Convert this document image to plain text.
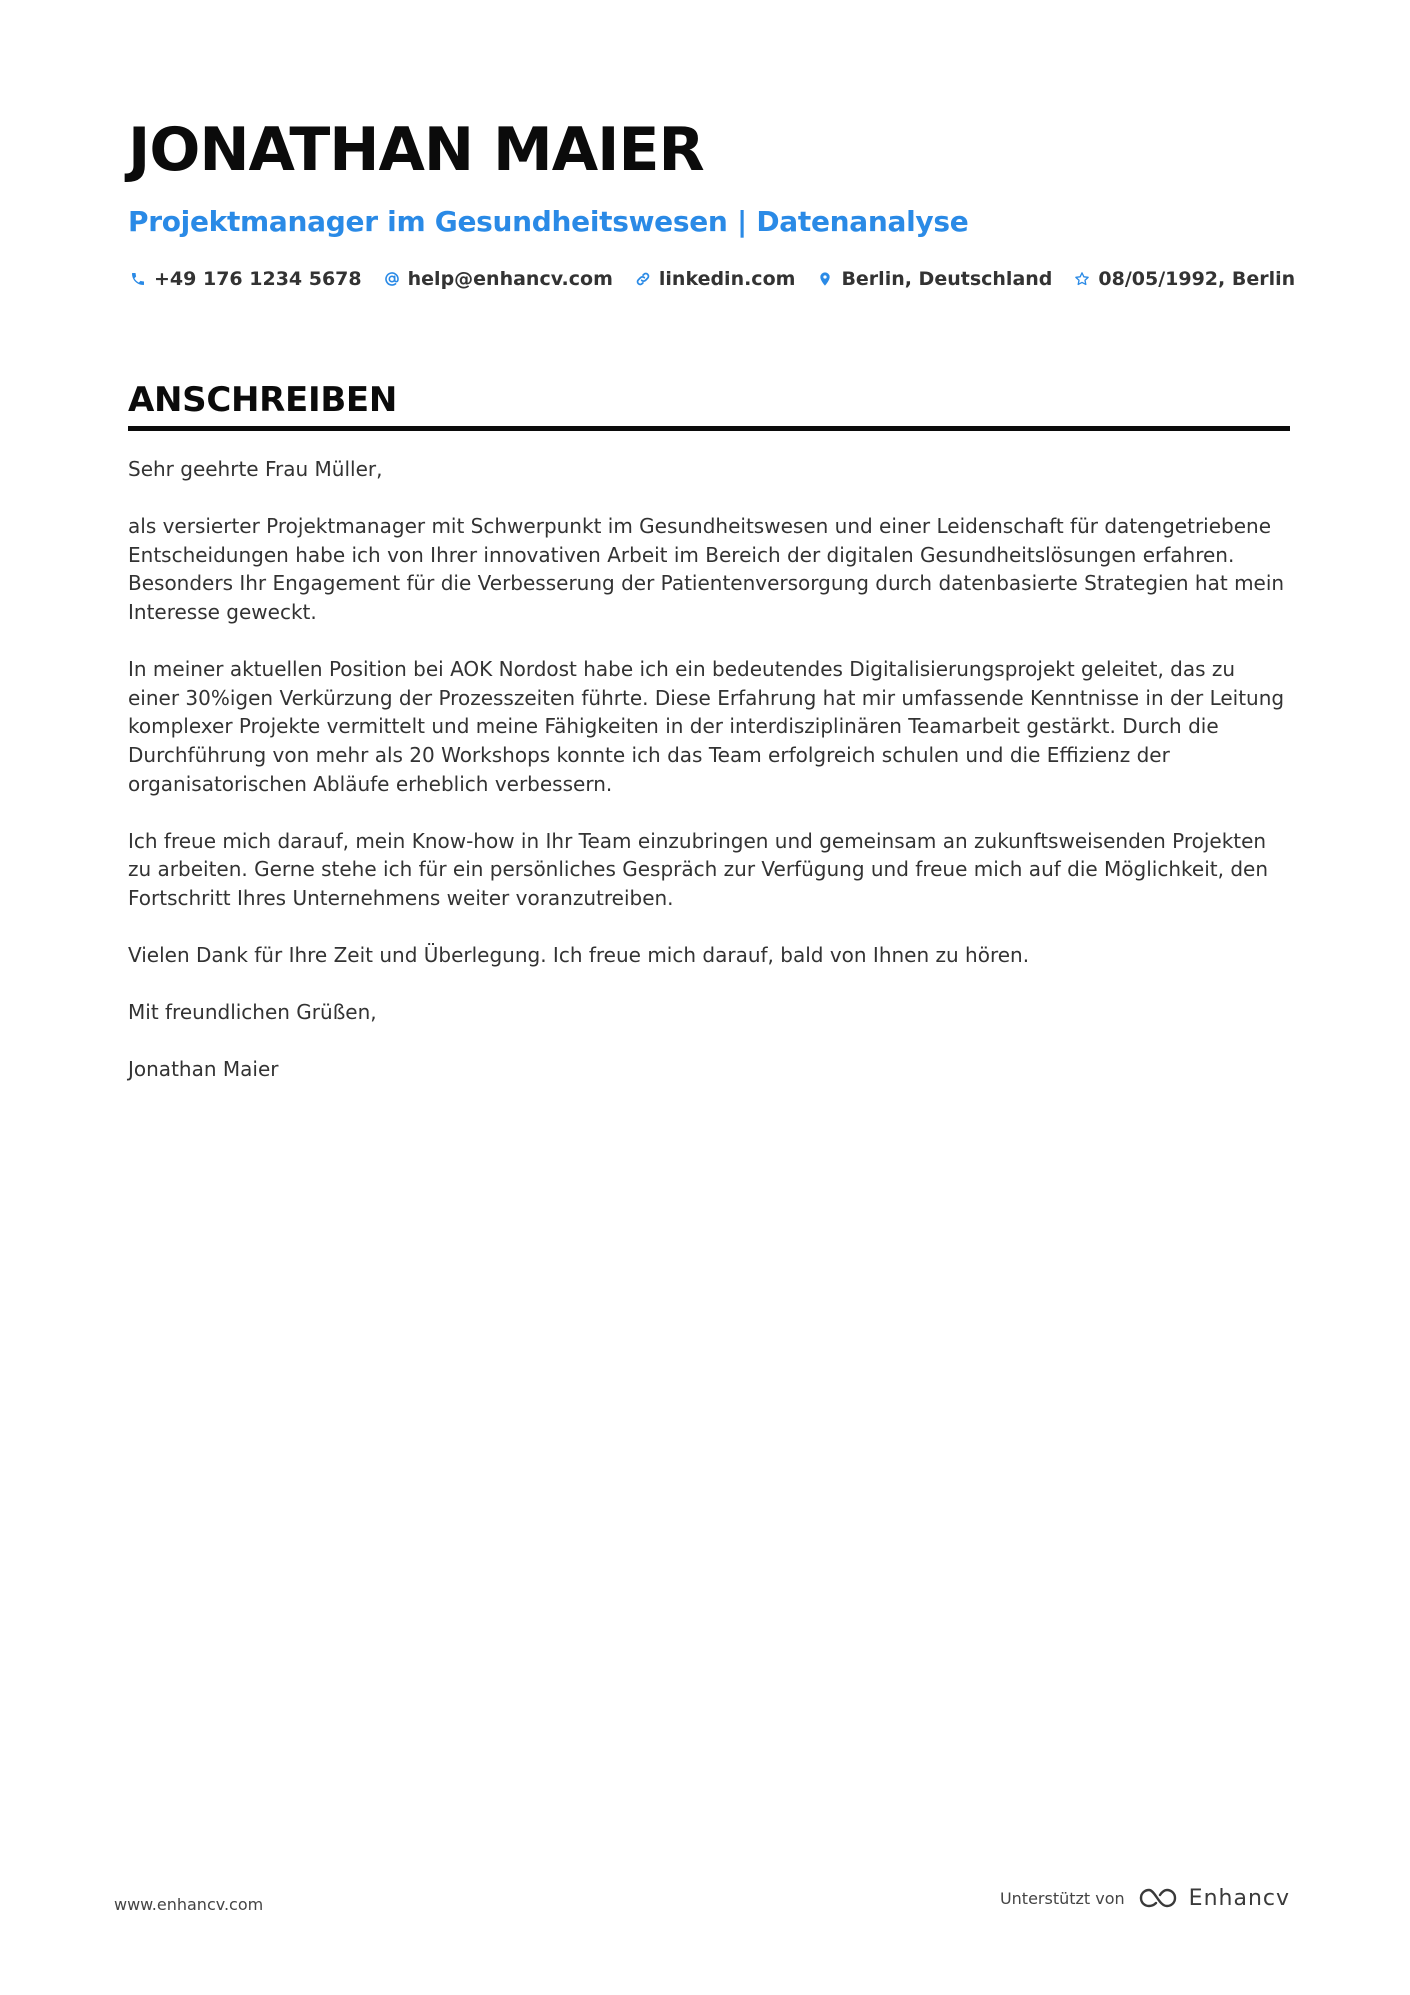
JONATHAN MAIER
Projektmanager im Gesundheitswesen | Datenanalyse
+49 176 1234 5678 help@enhancv.com linkedin.com Berlin, Deutschland 08/05/1992, Berlin
ANSCHREIBEN

Sehr geehrte Frau Müller,

als versierter Projektmanager mit Schwerpunkt im Gesundheitswesen und einer Leidenschaft für datengetriebene Entscheidungen habe ich von Ihrer innovativen Arbeit im Bereich der digitalen Gesundheitslösungen erfahren. Besonders Ihr Engagement für die Verbesserung der Patientenversorgung durch datenbasierte Strategien hat mein Interesse geweckt.

In meiner aktuellen Position bei AOK Nordost habe ich ein bedeutendes Digitalisierungsprojekt geleitet, das zu einer 30%igen Verkürzung der Prozesszeiten führte. Diese Erfahrung hat mir umfassende Kenntnisse in der Leitung komplexer Projekte vermittelt und meine Fähigkeiten in der interdisziplinären Teamarbeit gestärkt. Durch die Durchführung von mehr als 20 Workshops konnte ich das Team erfolgreich schulen und die Effizienz der organisatorischen Abläufe erheblich verbessern.

Ich freue mich darauf, mein Know-how in Ihr Team einzubringen und gemeinsam an zukunftsweisenden Projekten zu arbeiten. Gerne stehe ich für ein persönliches Gespräch zur Verfügung und freue mich auf die Möglichkeit, den Fortschritt Ihres Unternehmens weiter voranzutreiben.

Vielen Dank für Ihre Zeit und Überlegung. Ich freue mich darauf, bald von Ihnen zu hören.

Mit freundlichen Grüßen,

Jonathan Maier

www.enhancv.com	Unterstützt von	Enhancv
